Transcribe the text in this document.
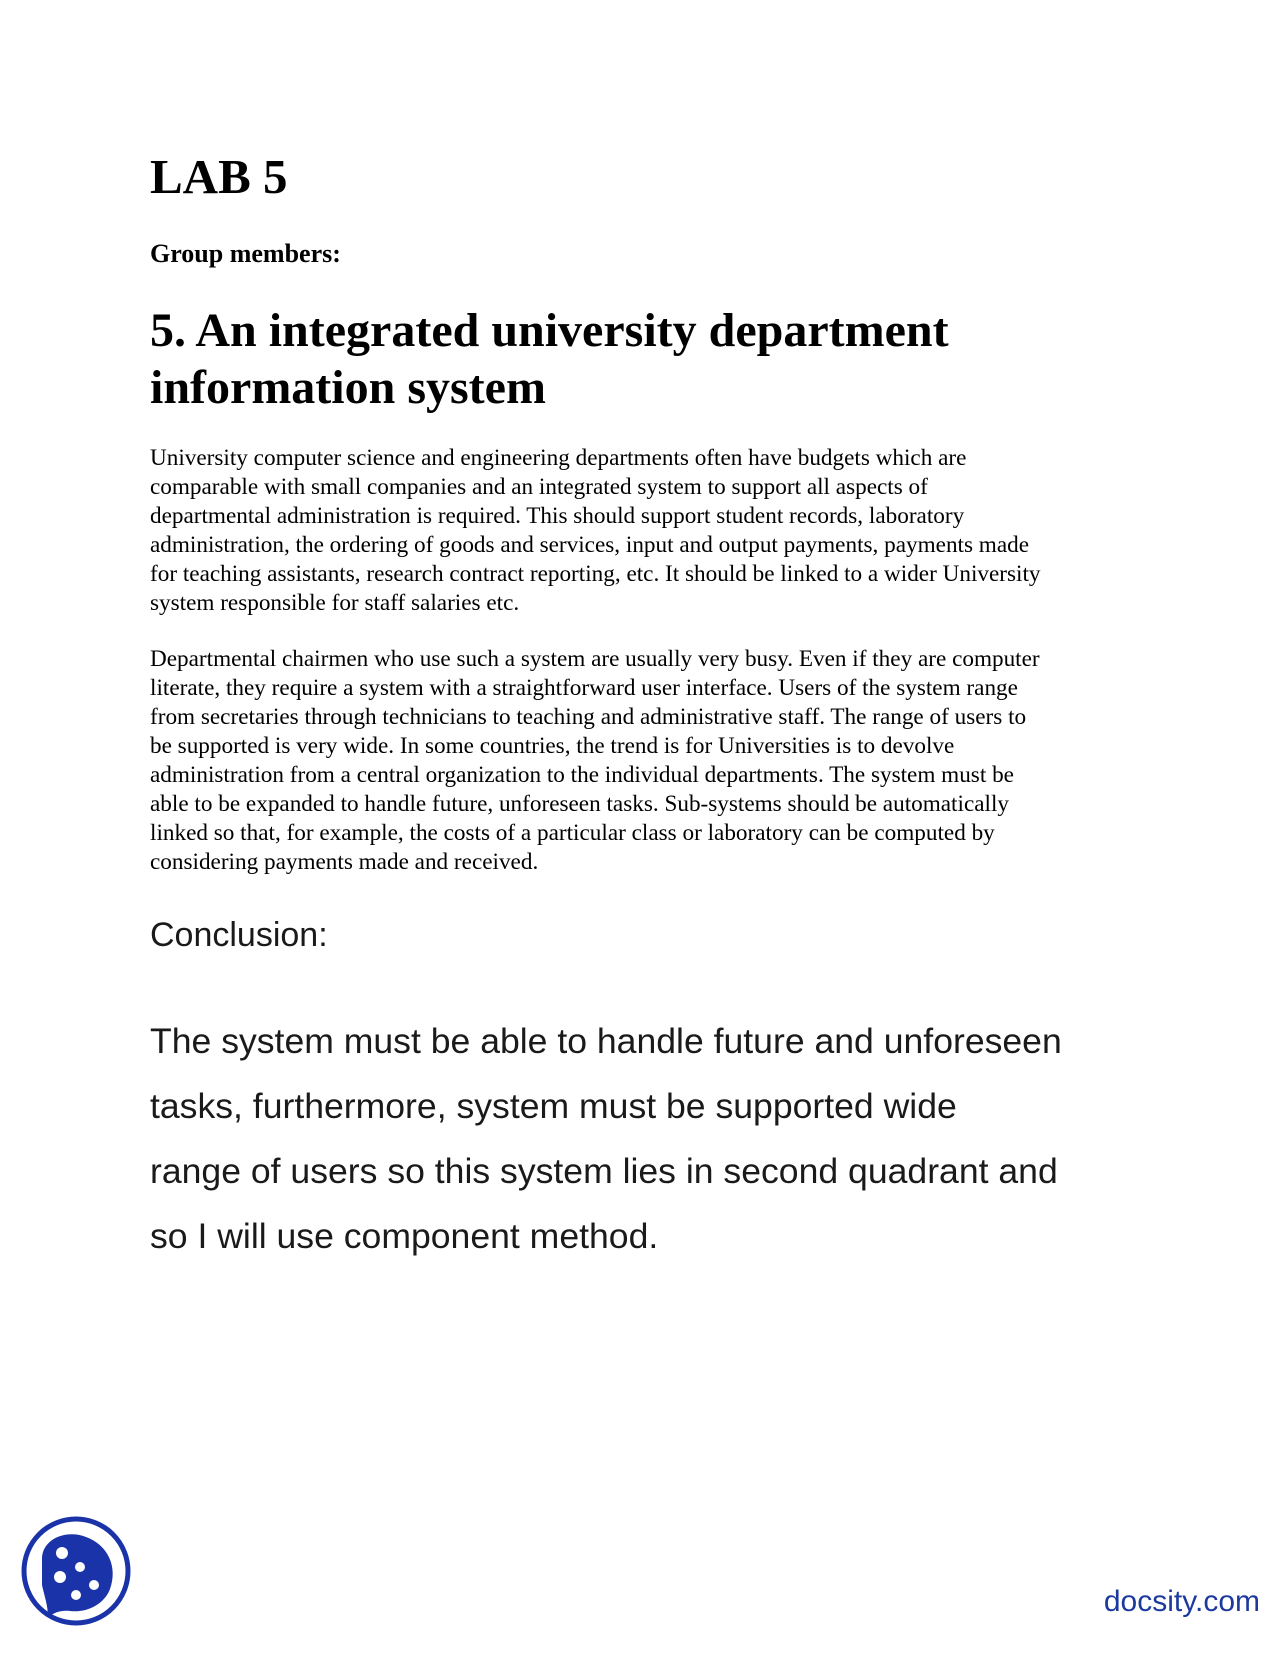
LAB 5

Group members:

5. An integrated university department
information system

University computer science and engineering departments often have budgets which are
comparable with small companies and an integrated system to support all aspects of
departmental administration is required. This should support student records, laboratory
administration, the ordering of goods and services, input and output payments, payments made
for teaching assistants, research contract reporting, etc. It should be linked to a wider University
system responsible for staff salaries etc.

Departmental chairmen who use such a system are usually very busy. Even if they are computer
literate, they require a system with a straightforward user interface. Users of the system range
from secretaries through technicians to teaching and administrative staff. The range of users to
be supported is very wide. In some countries, the trend is for Universities is to devolve
administration from a central organization to the individual departments. The system must be
able to be expanded to handle future, unforeseen tasks. Sub-systems should be automatically
linked so that, for example, the costs of a particular class or laboratory can be computed by
considering payments made and received.

Conclusion:

The system must be able to handle future and unforeseen
tasks, furthermore, system must be supported wide
range of users so this system lies in second quadrant and
so I will use component method.

docsity.com
